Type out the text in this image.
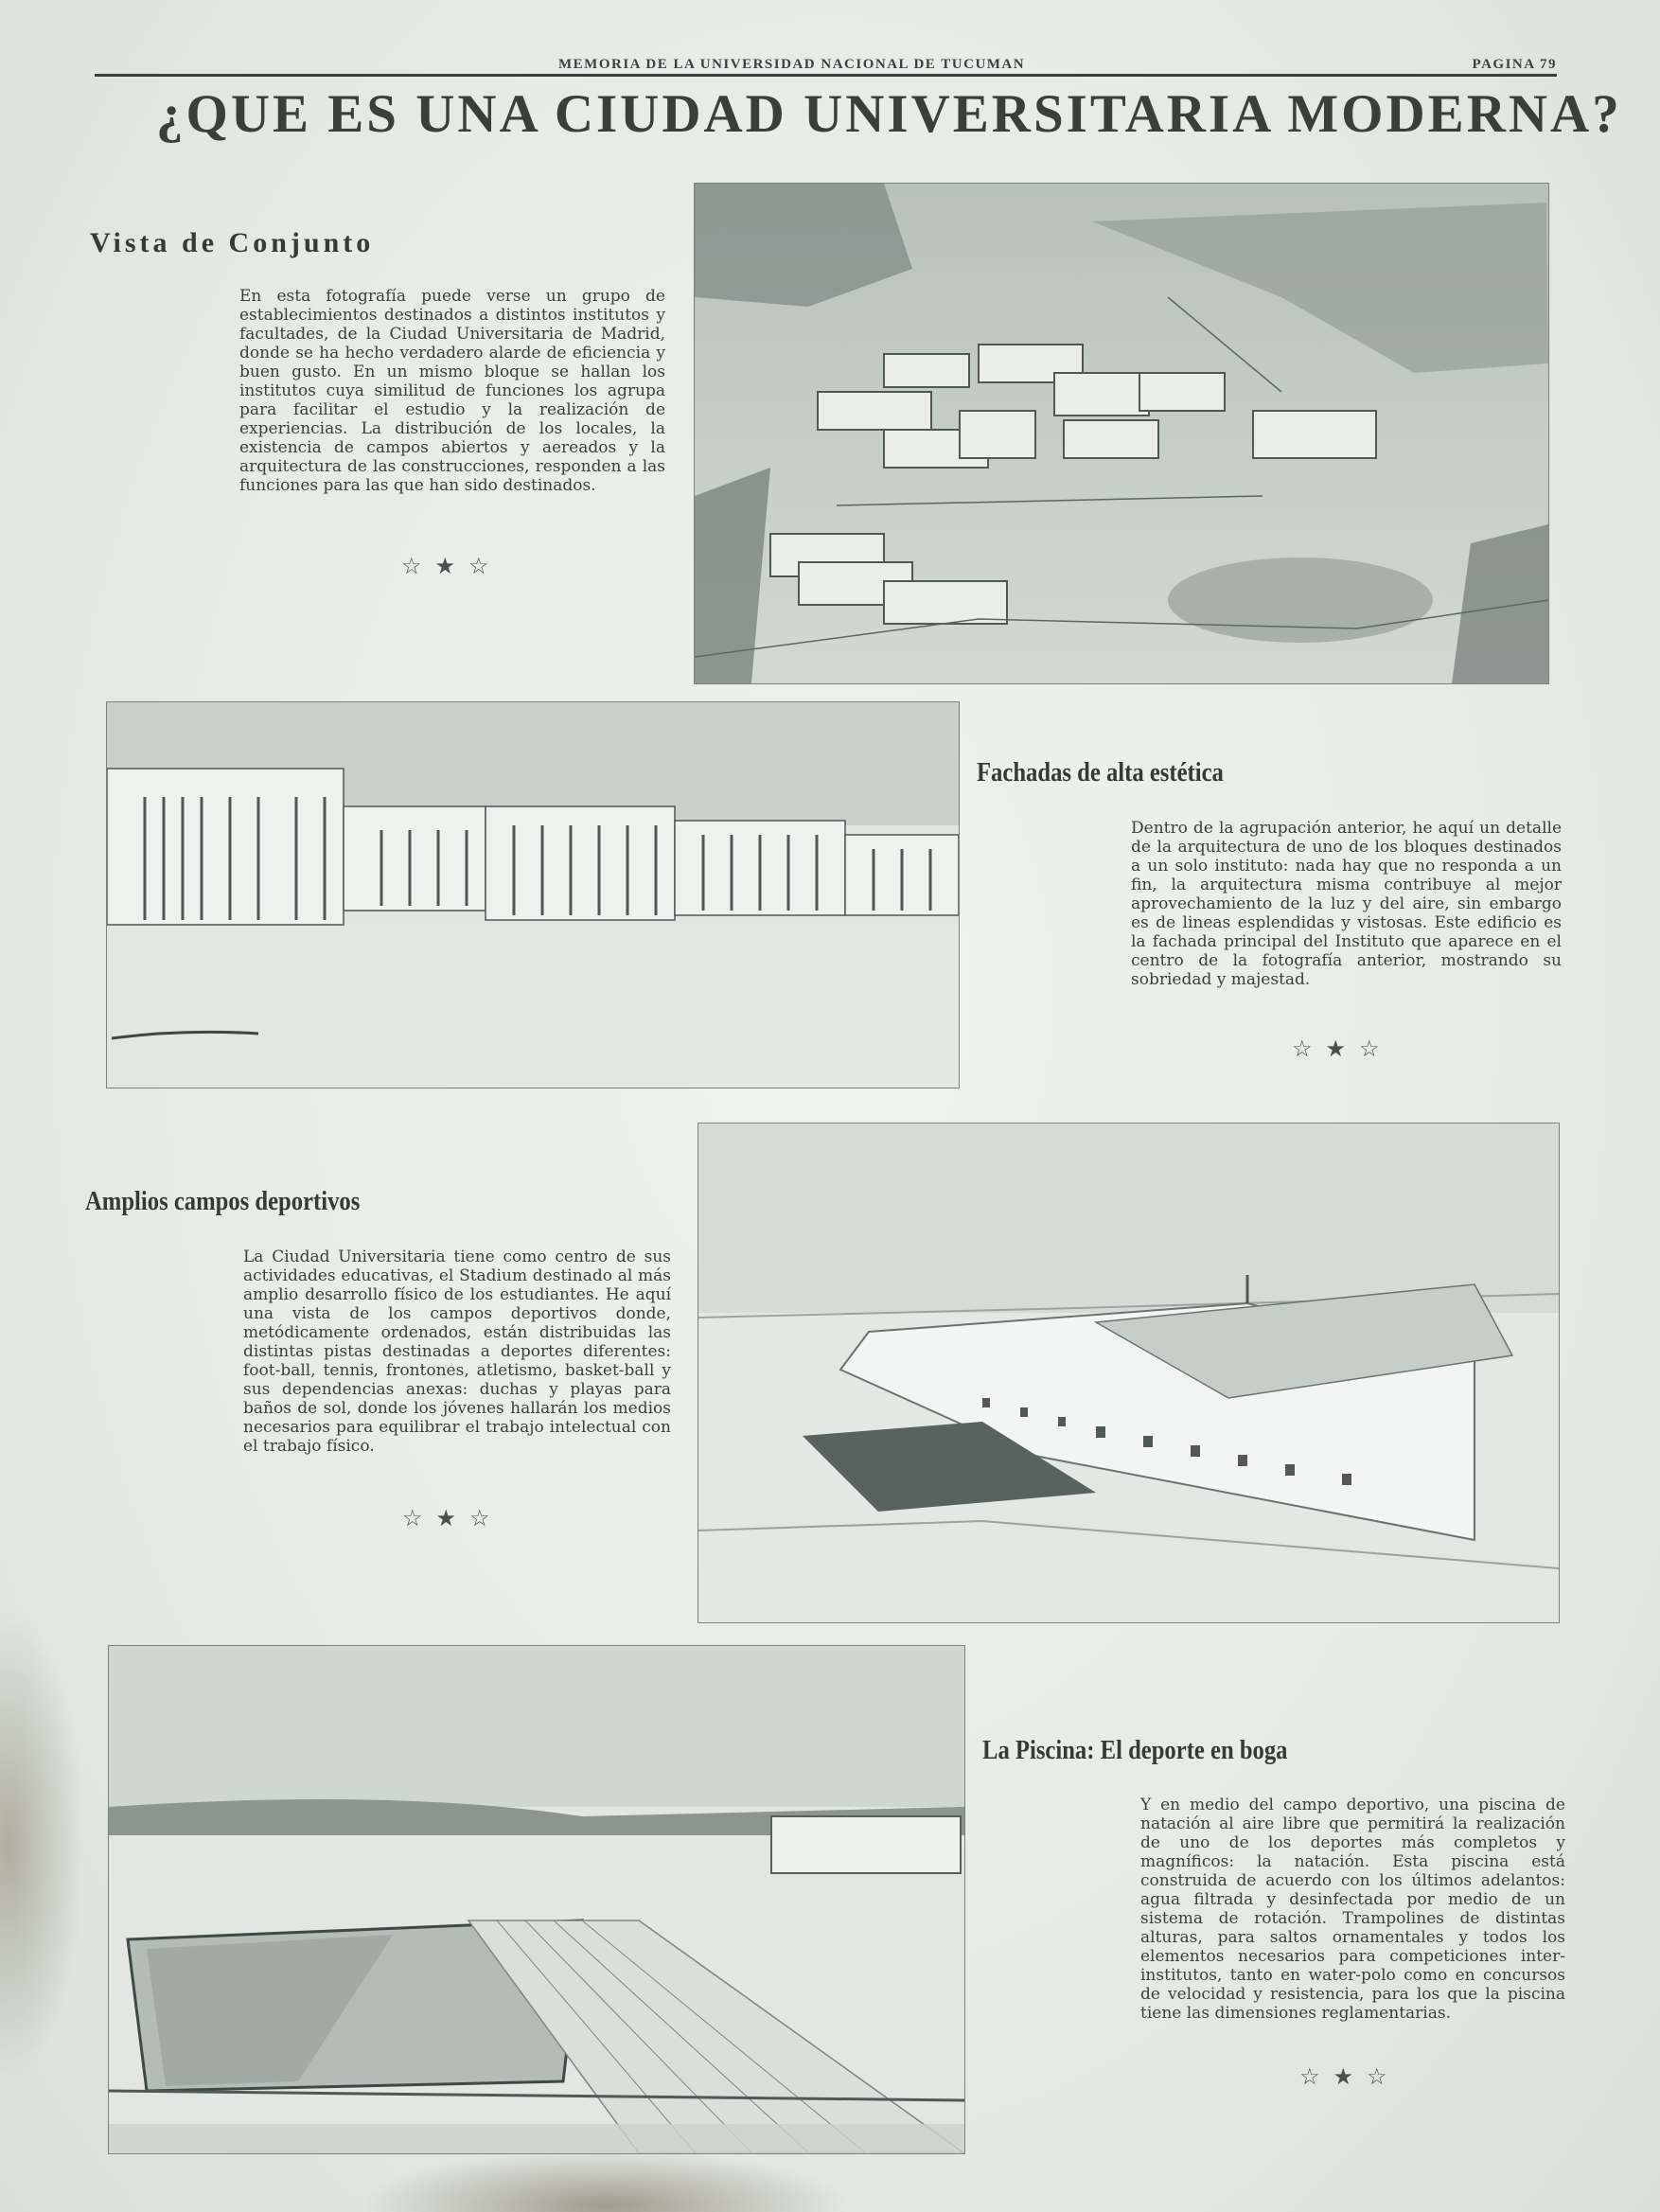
MEMORIA DE LA UNIVERSIDAD NACIONAL DE TUCUMAN	PAGINA 79
¿QUE ES UNA CIUDAD UNIVERSITARIA MODERNA?
Vista de Conjunto
En esta fotografía puede verse un grupo de establecimientos destinados a distintos institutos y facultades, de la Ciudad Universitaria de Madrid, donde se ha hecho verdadero alarde de eficiencia y buen gusto. En un mismo bloque se hallan los institutos cuya similitud de funciones los agrupa para facilitar el estudio y la realización de experiencias. La distribución de los locales, la existencia de campos abiertos y aereados y la arquitectura de las construcciones, responden a las funciones para las que han sido destinados.
☆★☆
Fachadas de alta estética
Dentro de la agrupación anterior, he aquí un detalle de la arquitectura de uno de los bloques destinados a un solo instituto: nada hay que no responda a un fin, la arquitectura misma contribuye al mejor aprovechamiento de la luz y del aire, sin embargo es de lineas esplendidas y vistosas. Este edificio es la fachada principal del Instituto que aparece en el centro de la fotografía anterior, mostrando su sobriedad y majestad.
☆★☆
Amplios campos deportivos
La Ciudad Universitaria tiene como centro de sus actividades educativas, el Stadium destinado al más amplio desarrollo físico de los estudiantes. He aquí una vista de los campos deportivos donde, metódicamente ordenados, están distribuidas las distintas pistas destinadas a deportes diferentes: foot-ball, tennis, frontones, atletismo, basket-ball y sus dependencias anexas: duchas y playas para baños de sol, donde los jóvenes hallarán los medios necesarios para equilibrar el trabajo intelectual con el trabajo físico.
☆★☆
La Piscina: El deporte en boga
Y en medio del campo deportivo, una piscina de natación al aire libre que permitirá la realización de uno de los deportes más completos y magníficos: la natación. Esta piscina está construida de acuerdo con los últimos adelantos: agua filtrada y desinfectada por medio de un sistema de rotación. Trampolines de distintas alturas, para saltos ornamentales y todos los elementos necesarios para competiciones inter-institutos, tanto en water-polo como en concursos de velocidad y resistencia, para los que la piscina tiene las dimensiones reglamentarias.
☆★☆
